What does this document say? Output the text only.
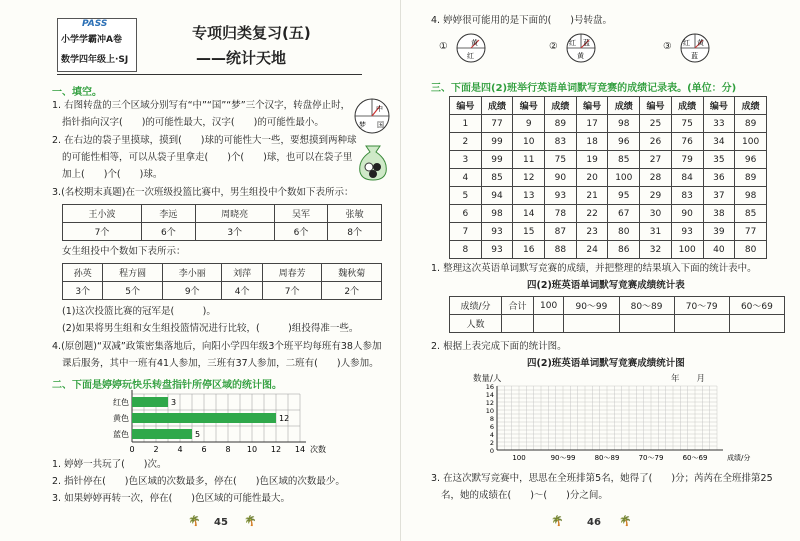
PASS
小学学霸冲A卷
数学四年级上·SJ
专项归类复习(五)
——统计天地
一、填空。
1. 右图转盘的三个区域分别写有“中”“国”“梦”三个汉字，转盘停止时，
指针指向汉字(　　)的可能性最大，汉字(　　)的可能性最小。
中
梦 国
2. 在右边的袋子里摸球，摸到(　　)球的可能性大一些，要想摸到两种球
的可能性相等，可以从袋子里拿走(　　)个(　　)球，也可以在袋子里
加上(　　)个(　　)球。
3.(名校期末真题)在一次班级投篮比赛中，男生组投中个数如下表所示：
王小波	李远	周晓亮	吴军	张敏
7个	6个	3个	6个	8个
女生组投中个数如下表所示：
孙英	程方圆	李小丽	刘萍	周春芳	魏秋菊
3个	5个	9个	4个	7个	2个
(1)这次投篮比赛的冠军是(　　　)。
(2)如果将男生组和女生组投篮情况进行比较，(　　　)组投得准一些。
4.(原创题)“双减”政策密集落地后，向阳小学四年级3个班平均每班有38人参加
课后服务，其中一班有41人参加，三班有37人参加，二班有(　　)人参加。
二、下面是婷婷玩快乐转盘指针所停区域的统计图。
红色	3
黄色	12
蓝色	5
0 2 4 6 8 10 12 14 次数
1. 婷婷一共玩了(　　)次。
2. 指针停在(　　)色区域的次数最多，停在(　　)色区域的次数最少。
3. 如果婷婷再转一次，停在(　　)色区域的可能性最大。
🌴 45 🌴
4. 婷婷很可能用的是下面的(　　)号转盘。
①	黄
红
② 红 蓝
黄
③ 红 黄
蓝
三、下面是四(2)班举行英语单词默写竞赛的成绩记录表。(单位：分)
编号	成绩	编号	成绩	编号	成绩	编号	成绩	编号	成绩
1	77	9	89	17	98	25	75	33	89
2	99	10	83	18	96	26	76	34	100
3	99	11	75	19	85	27	79	35	96
4	85	12	90	20	100	28	84	36	89
5	94	13	93	21	95	29	83	37	98
6	98	14	78	22	67	30	90	38	85
7	93	15	87	23	80	31	93	39	77
8	93	16	88	24	86	32	100	40	80
1. 整理这次英语单词默写竞赛的成绩，并把整理的结果填入下面的统计表中。
四(2)班英语单词默写竞赛成绩统计表
成绩/分	合计	100	90～99	80～89	70～79	60～69
人数						
2. 根据上表完成下面的统计图。
四(2)班英语单词默写竞赛成绩统计图
数量/人	年　　月
0
2
4
6
8
10
12
14
16
100	90～99	80～89	70～79	60～69	成绩/分
3. 在这次默写竞赛中，思思在全班排第5名，她得了(　　)分；芮芮在全班排第25
名，她的成绩在(　　)～(　　)分之间。
🌴 46 🌴
